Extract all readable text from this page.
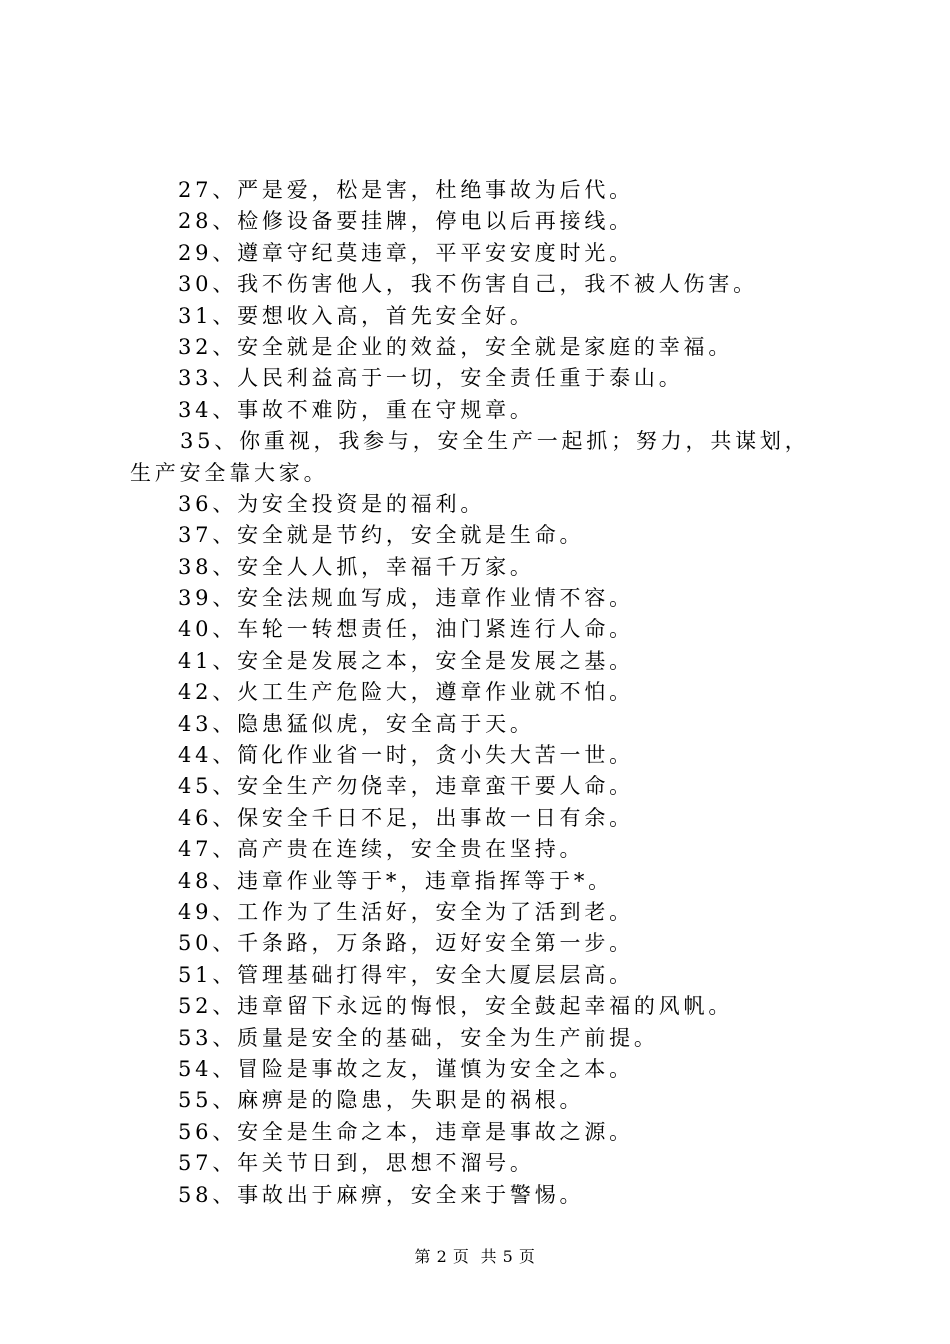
27、严是爱，松是害，杜绝事故为后代。
28、检修设备要挂牌，停电以后再接线。
29、遵章守纪莫违章，平平安安度时光。
30、我不伤害他人，我不伤害自己，我不被人伤害。
31、要想收入高，首先安全好。
32、安全就是企业的效益，安全就是家庭的幸福。
33、人民利益高于一切，安全责任重于泰山。
34、事故不难防，重在守规章。
35、你重视，我参与，安全生产一起抓；努力，共谋划，
生产安全靠大家。
36、为安全投资是的福利。
37、安全就是节约，安全就是生命。
38、安全人人抓，幸福千万家。
39、安全法规血写成，违章作业情不容。
40、车轮一转想责任，油门紧连行人命。
41、安全是发展之本，安全是发展之基。
42、火工生产危险大，遵章作业就不怕。
43、隐患猛似虎，安全高于天。
44、简化作业省一时，贪小失大苦一世。
45、安全生产勿侥幸，违章蛮干要人命。
46、保安全千日不足，出事故一日有余。
47、高产贵在连续，安全贵在坚持。
48、违章作业等于*，违章指挥等于*。
49、工作为了生活好，安全为了活到老。
50、千条路，万条路，迈好安全第一步。
51、管理基础打得牢，安全大厦层层高。
52、违章留下永远的悔恨，安全鼓起幸福的风帆。
53、质量是安全的基础，安全为生产前提。
54、冒险是事故之友，谨慎为安全之本。
55、麻痹是的隐患，失职是的祸根。
56、安全是生命之本，违章是事故之源。
57、年关节日到，思想不溜号。
58、事故出于麻痹，安全来于警惕。
第 2 页  共 5 页
